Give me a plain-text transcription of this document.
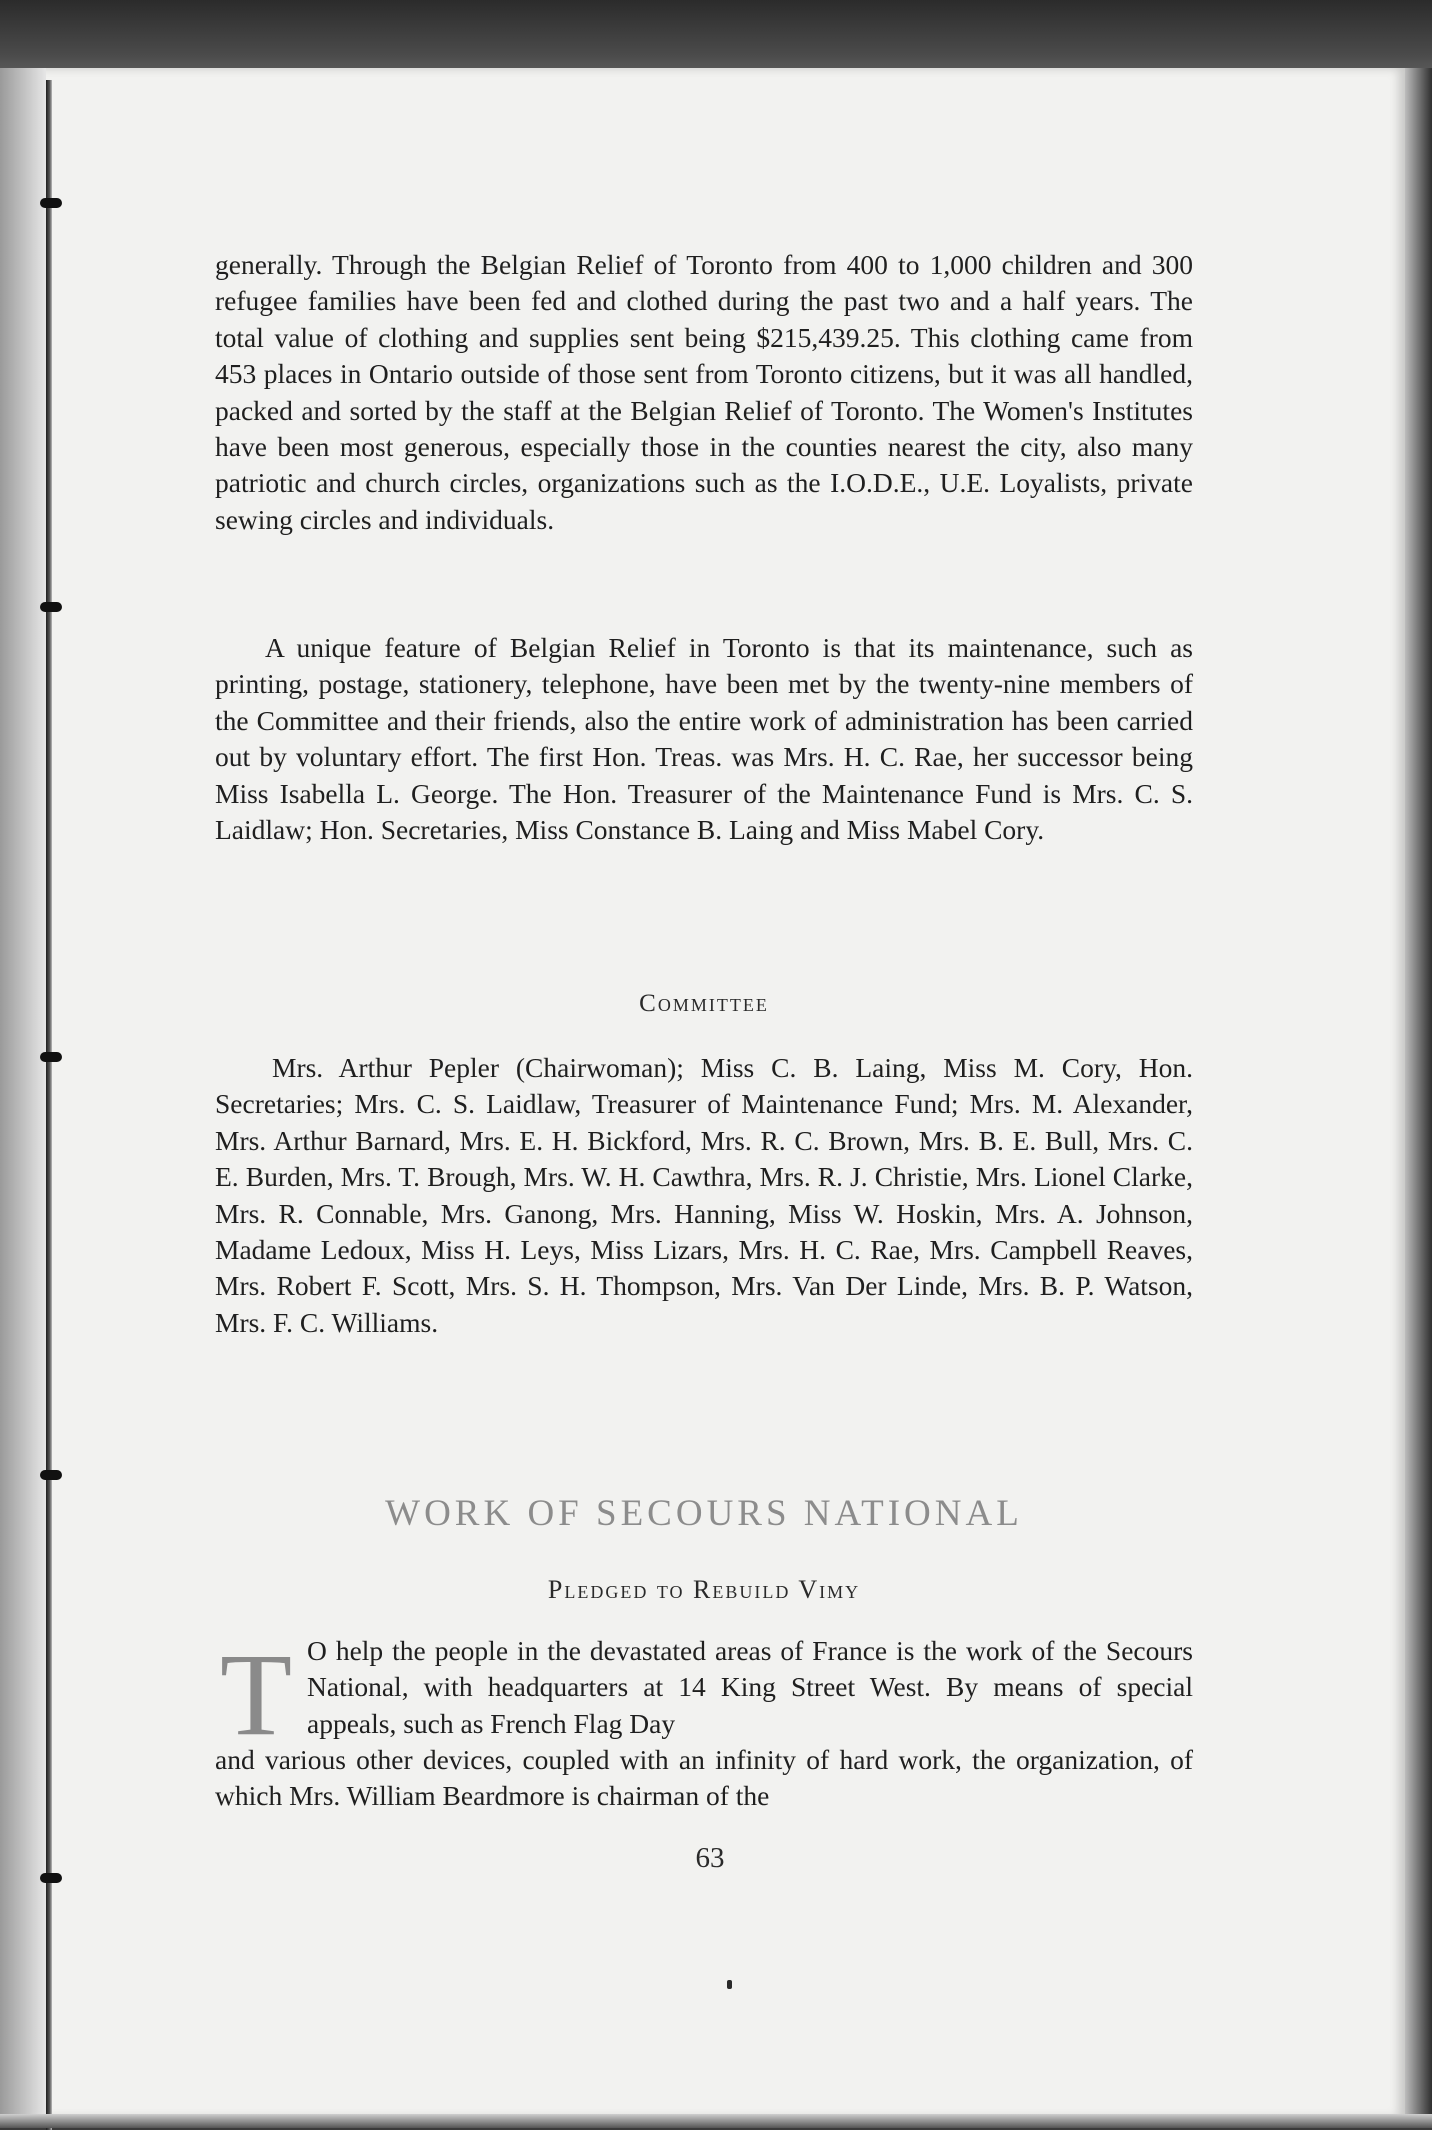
generally. Through the Belgian Relief of Toronto from 400 to 1,000 children and 300 refugee families have been fed and clothed during the past two and a half years. The total value of clothing and supplies sent being $215,439.25. This clothing came from 453 places in Ontario outside of those sent from Toronto citizens, but it was all handled, packed and sorted by the staff at the Belgian Relief of Toronto. The Women's Institutes have been most generous, especially those in the counties nearest the city, also many patriotic and church circles, organizations such as the I.O.D.E., U.E. Loyalists, private sewing circles and individuals.
A unique feature of Belgian Relief in Toronto is that its maintenance, such as printing, postage, stationery, telephone, have been met by the twenty-nine members of the Committee and their friends, also the entire work of administration has been carried out by voluntary effort. The first Hon. Treas. was Mrs. H. C. Rae, her successor being Miss Isabella L. George. The Hon. Treasurer of the Maintenance Fund is Mrs. C. S. Laidlaw; Hon. Secretaries, Miss Constance B. Laing and Miss Mabel Cory.
Committee
Mrs. Arthur Pepler (Chairwoman); Miss C. B. Laing, Miss M. Cory, Hon. Secretaries; Mrs. C. S. Laidlaw, Treasurer of Maintenance Fund; Mrs. M. Alexander, Mrs. Arthur Barnard, Mrs. E. H. Bickford, Mrs. R. C. Brown, Mrs. B. E. Bull, Mrs. C. E. Burden, Mrs. T. Brough, Mrs. W. H. Cawthra, Mrs. R. J. Christie, Mrs. Lionel Clarke, Mrs. R. Connable, Mrs. Ganong, Mrs. Hanning, Miss W. Hoskin, Mrs. A. Johnson, Madame Ledoux, Miss H. Leys, Miss Lizars, Mrs. H. C. Rae, Mrs. Campbell Reaves, Mrs. Robert F. Scott, Mrs. S. H. Thompson, Mrs. Van Der Linde, Mrs. B. P. Watson, Mrs. F. C. Williams.
WORK OF SECOURS NATIONAL
Pledged to Rebuild Vimy
T O help the people in the devastated areas of France is the work of the Secours National, with headquarters at 14 King Street West. By means of special appeals, such as French Flag Day
and various other devices, coupled with an infinity of hard work, the organization, of which Mrs. William Beardmore is chairman of the
63
